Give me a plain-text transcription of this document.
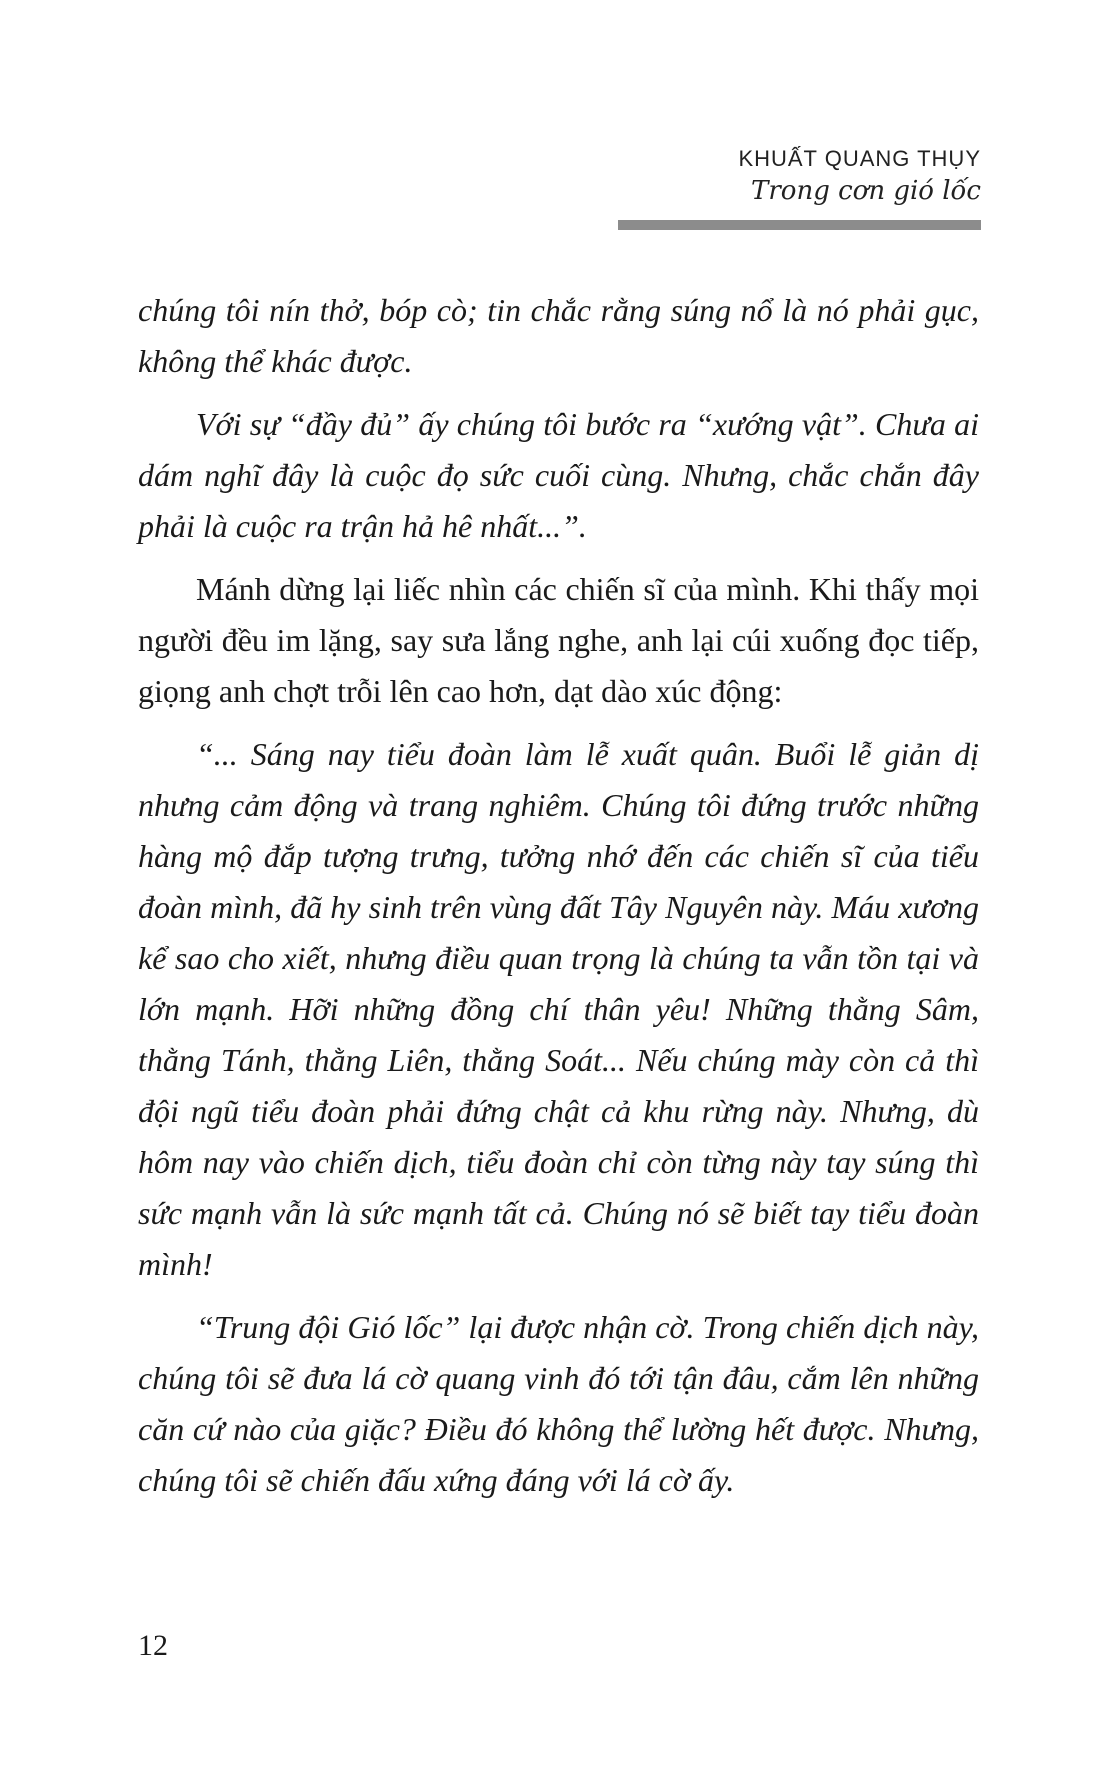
KHUẤT QUANG THỤY
Trong cơn gió lốc

chúng tôi nín thở, bóp cò; tin chắc rằng súng nổ là nó phải gục, không thể khác được.

Với sự “đầy đủ” ấy chúng tôi bước ra “xướng vật”. Chưa ai dám nghĩ đây là cuộc đọ sức cuối cùng. Nhưng, chắc chắn đây phải là cuộc ra trận hả hê nhất...”.

Mánh dừng lại liếc nhìn các chiến sĩ của mình. Khi thấy mọi người đều im lặng, say sưa lắng nghe, anh lại cúi xuống đọc tiếp, giọng anh chợt trỗi lên cao hơn, dạt dào xúc động:

“... Sáng nay tiểu đoàn làm lễ xuất quân. Buổi lễ giản dị nhưng cảm động và trang nghiêm. Chúng tôi đứng trước những hàng mộ đắp tượng trưng, tưởng nhớ đến các chiến sĩ của tiểu đoàn mình, đã hy sinh trên vùng đất Tây Nguyên này. Máu xương kể sao cho xiết, nhưng điều quan trọng là chúng ta vẫn tồn tại và lớn mạnh. Hỡi những đồng chí thân yêu! Những thằng Sâm, thằng Tánh, thằng Liên, thằng Soát... Nếu chúng mày còn cả thì đội ngũ tiểu đoàn phải đứng chật cả khu rừng này. Nhưng, dù hôm nay vào chiến dịch, tiểu đoàn chỉ còn từng này tay súng thì sức mạnh vẫn là sức mạnh tất cả. Chúng nó sẽ biết tay tiểu đoàn mình!

“Trung đội Gió lốc” lại được nhận cờ. Trong chiến dịch này, chúng tôi sẽ đưa lá cờ quang vinh đó tới tận đâu, cắm lên những căn cứ nào của giặc? Điều đó không thể lường hết được. Nhưng, chúng tôi sẽ chiến đấu xứng đáng với lá cờ ấy.

12
